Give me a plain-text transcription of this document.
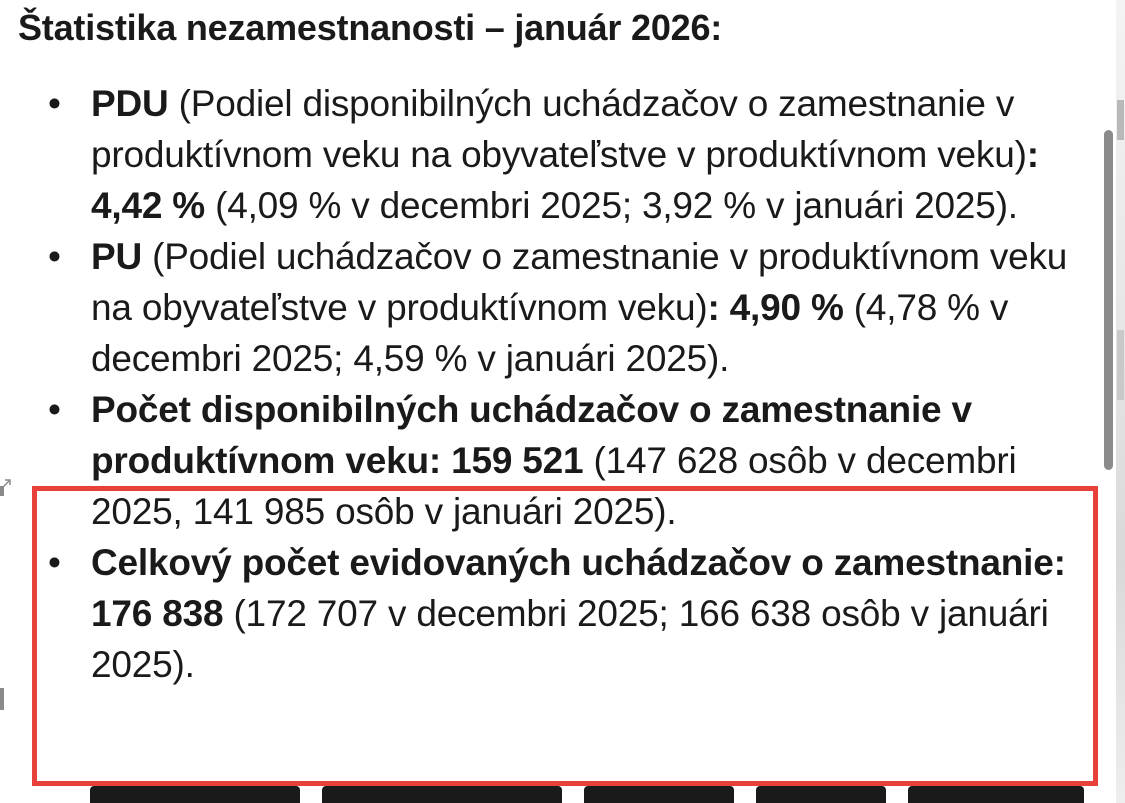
Štatistika nezamestnanosti – január 2026:
• PDU (Podiel disponibilných uchádzačov o zamestnanie v produktívnom veku na obyvateľstve v produktívnom veku): 4,42 % (4,09 % v decembri 2025; 3,92 % v januári 2025).
• PU (Podiel uchádzačov o zamestnanie v produktívnom veku na obyvateľstve v produktívnom veku): 4,90 % (4,78 % v decembri 2025; 4,59 % v januári 2025).
• Počet disponibilných uchádzačov o zamestnanie v produktívnom veku: 159 521 (147 628 osôb v decembri 2025, 141 985 osôb v januári 2025).
• Celkový počet evidovaných uchádzačov o zamestnanie: 176 838 (172 707 v decembri 2025; 166 638 osôb v januári 2025).
